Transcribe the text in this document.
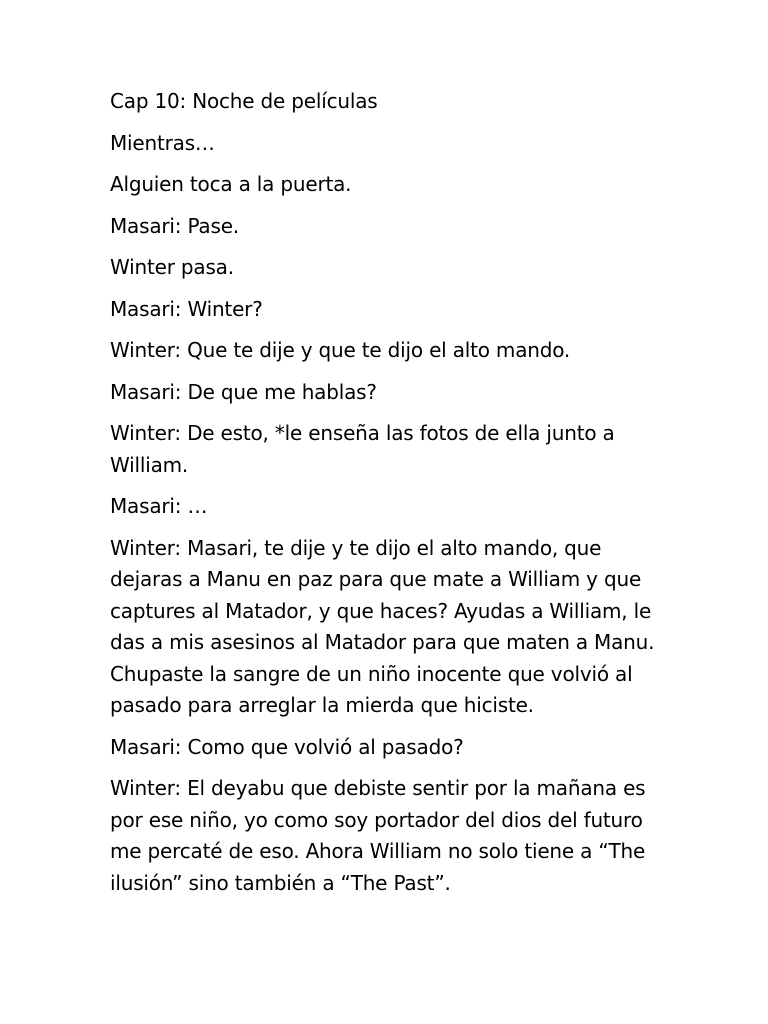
Cap 10: Noche de películas

Mientras…

Alguien toca a la puerta.

Masari: Pase.

Winter pasa.

Masari: Winter?

Winter: Que te dije y que te dijo el alto mando.

Masari: De que me hablas?

Winter: De esto, *le enseña las fotos de ella junto a William.

Masari: …

Winter: Masari, te dije y te dijo el alto mando, que dejaras a Manu en paz para que mate a William y que captures al Matador, y que haces? Ayudas a William, le das a mis asesinos al Matador para que maten a Manu. Chupaste la sangre de un niño inocente que volvió al pasado para arreglar la mierda que hiciste.

Masari: Como que volvió al pasado?

Winter: El deyabu que debiste sentir por la mañana es por ese niño, yo como soy portador del dios del futuro me percaté de eso. Ahora William no solo tiene a “The ilusión” sino también a “The Past”.
